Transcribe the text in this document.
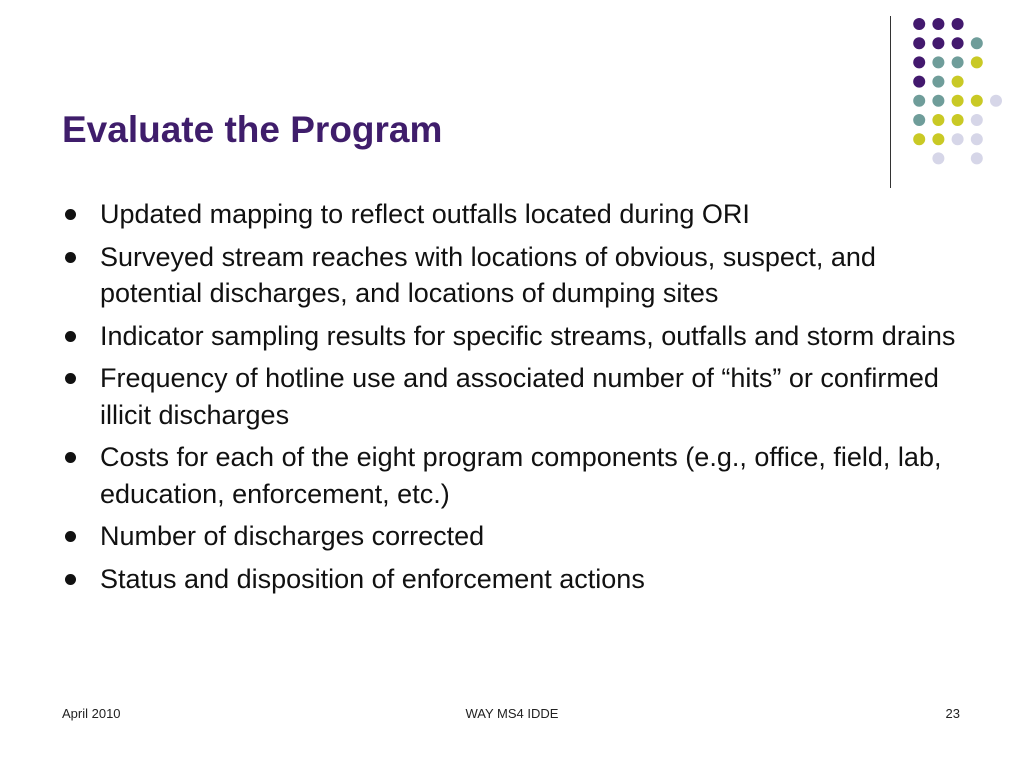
Evaluate the Program
Updated mapping to reflect outfalls located during ORI
Surveyed stream reaches with locations of obvious, suspect, and potential discharges, and locations of dumping sites
Indicator sampling results for specific streams, outfalls and storm drains
Frequency of hotline use and associated number of “hits” or confirmed illicit discharges
Costs for each of the eight program components (e.g., office, field, lab, education, enforcement, etc.)
Number of discharges corrected
Status and disposition of enforcement actions
April 2010	WAY MS4 IDDE	23
